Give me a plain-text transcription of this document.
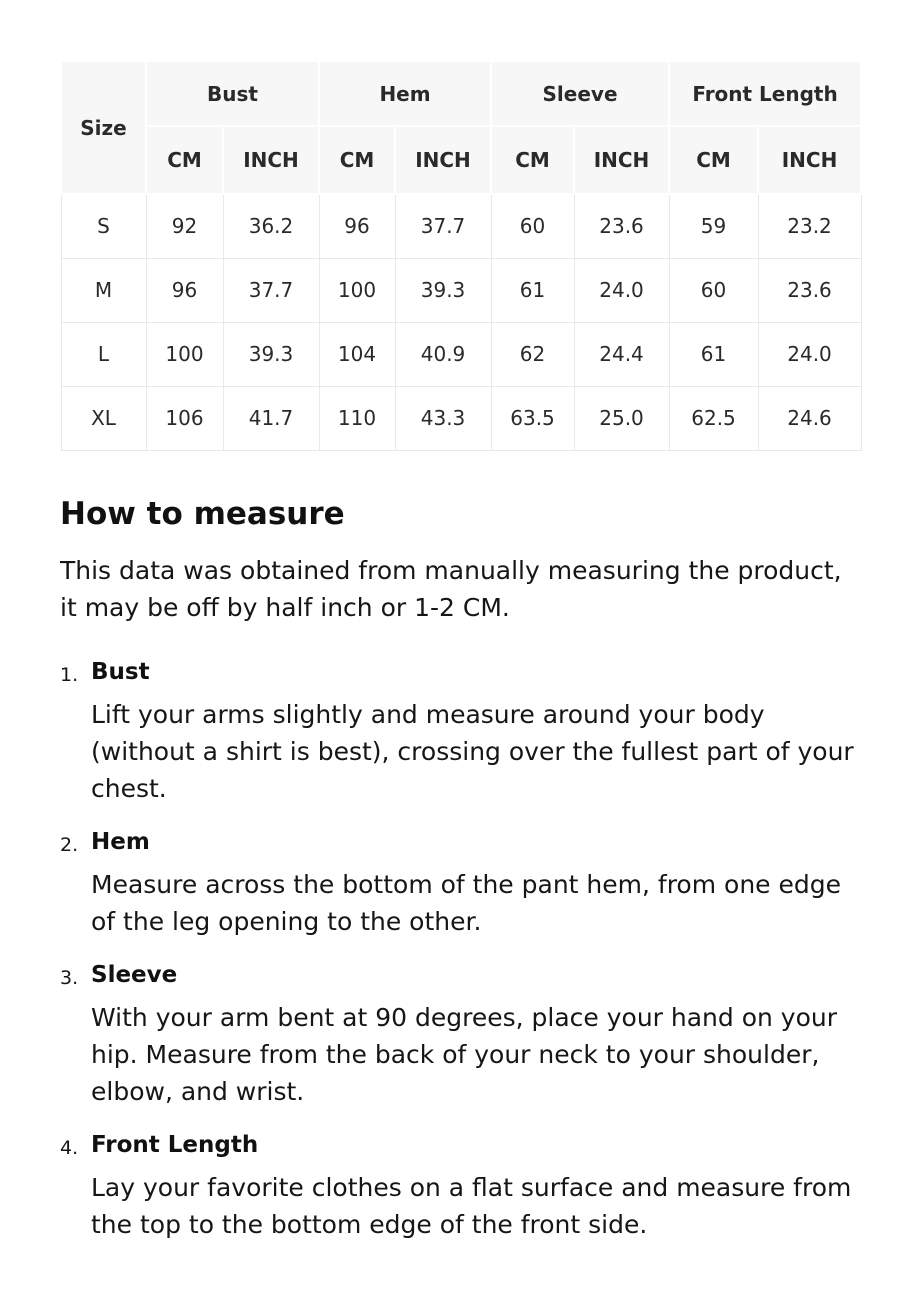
Size	Bust		Hem		Sleeve		Front Length	
	CM	INCH	CM	INCH	CM	INCH	CM	INCH
S	92	36.2	96	37.7	60	23.6	59	23.2
M	96	37.7	100	39.3	61	24.0	60	23.6
L	100	39.3	104	40.9	62	24.4	61	24.0
XL	106	41.7	110	43.3	63.5	25.0	62.5	24.6
How to measure

This data was obtained from manually measuring the product, it may be off by half inch or 1-2 CM.

1. Bust

Lift your arms slightly and measure around your body (without a shirt is best), crossing over the fullest part of your chest.

2. Hem

Measure across the bottom of the pant hem, from one edge of the leg opening to the other.

3. Sleeve

With your arm bent at 90 degrees, place your hand on your hip. Measure from the back of your neck to your shoulder, elbow, and wrist.

4. Front Length

Lay your favorite clothes on a flat surface and measure from the top to the bottom edge of the front side.
